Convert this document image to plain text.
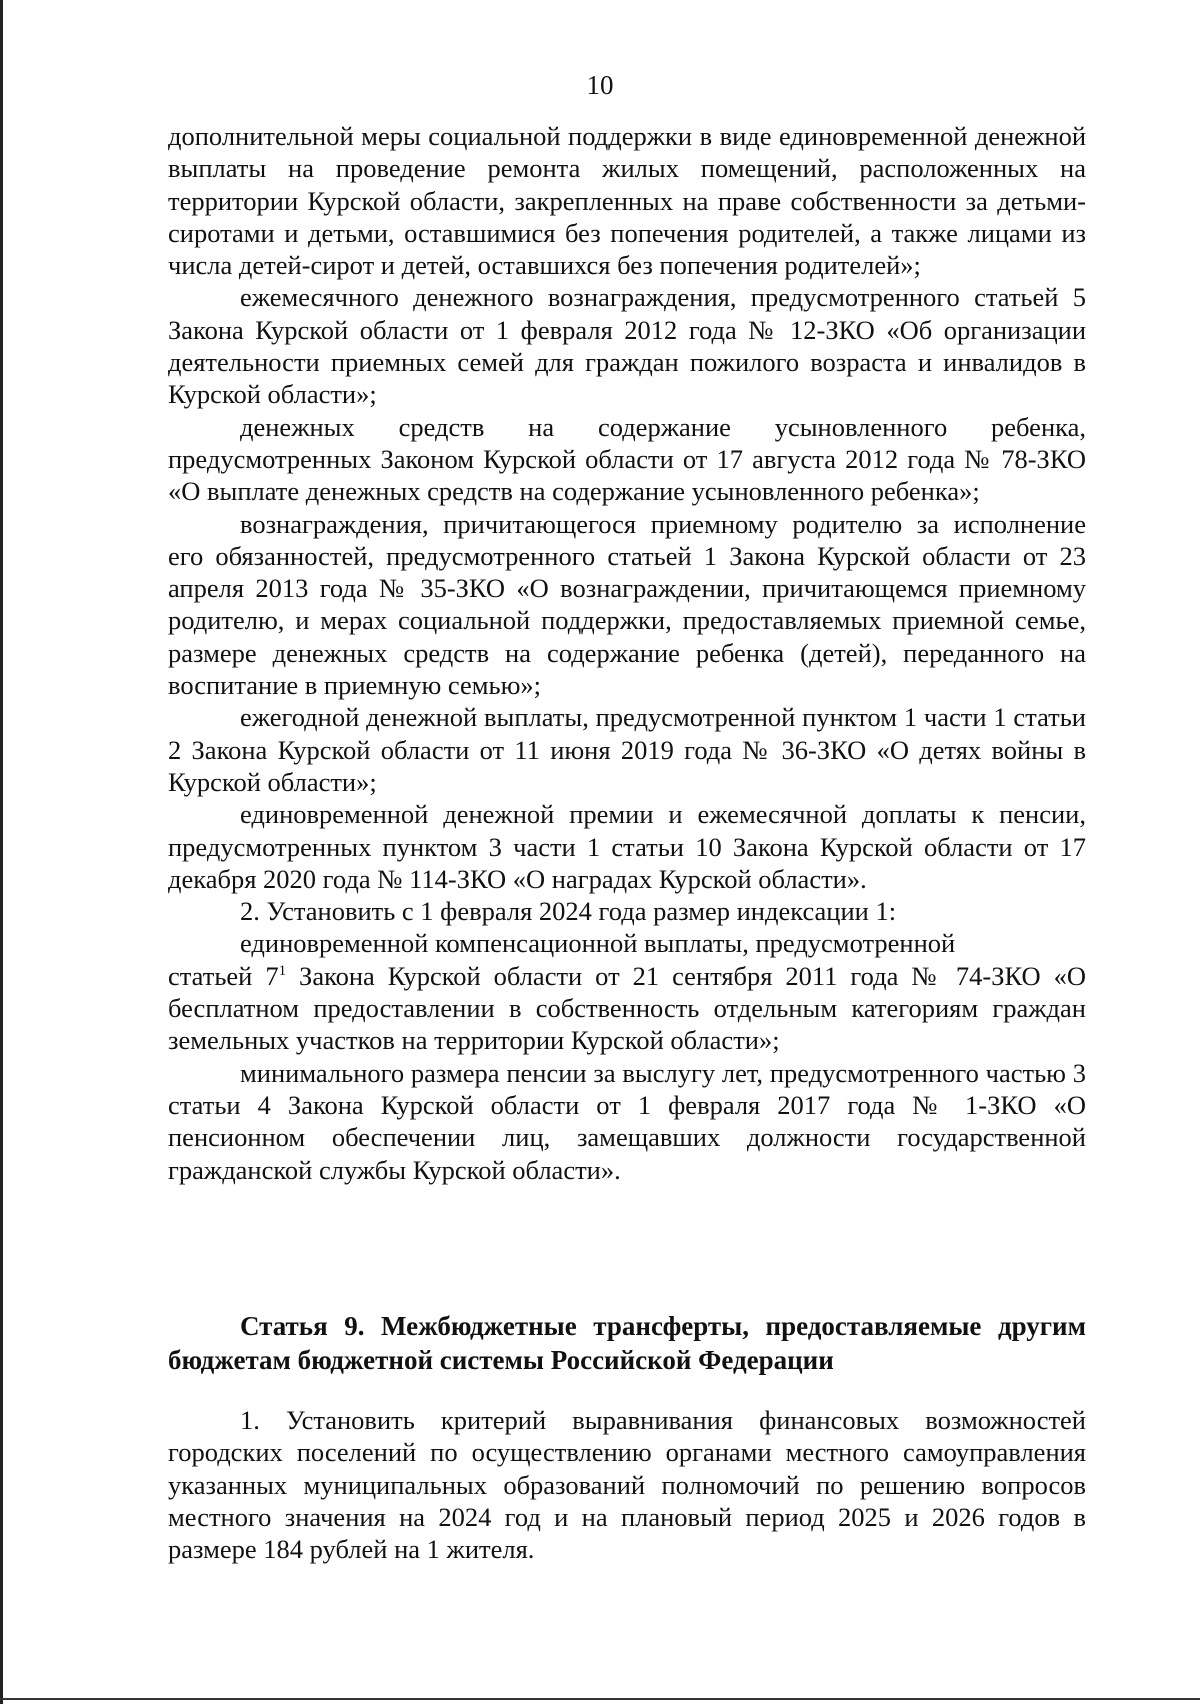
10

дополнительной меры социальной поддержки в виде единовременной денежной выплаты на проведение ремонта жилых помещений, расположенных на территории Курской области, закрепленных на праве собственности за детьми-сиротами и детьми, оставшимися без попечения родителей, а также лицами из числа детей-сирот и детей, оставшихся без попечения родителей»;

ежемесячного денежного вознаграждения, предусмотренного статьей 5 Закона Курской области от 1 февраля 2012 года № 12-ЗКО «Об организации деятельности приемных семей для граждан пожилого возраста и инвалидов в Курской области»;

денежных средств на содержание усыновленного ребенка, предусмотренных Законом Курской области от 17 августа 2012 года № 78-ЗКО «О выплате денежных средств на содержание усыновленного ребенка»;

вознаграждения, причитающегося приемному родителю за исполнение его обязанностей, предусмотренного статьей 1 Закона Курской области от 23 апреля 2013 года № 35-ЗКО «О вознаграждении, причитающемся приемному родителю, и мерах социальной поддержки, предоставляемых приемной семье, размере денежных средств на содержание ребенка (детей), переданного на воспитание в приемную семью»;

ежегодной денежной выплаты, предусмотренной пунктом 1 части 1 статьи 2 Закона Курской области от 11 июня 2019 года № 36-ЗКО «О детях войны в Курской области»;

единовременной денежной премии и ежемесячной доплаты к пенсии, предусмотренных пунктом 3 части 1 статьи 10 Закона Курской области от 17 декабря 2020 года № 114-ЗКО «О наградах Курской области».

2. Установить с 1 февраля 2024 года размер индексации 1:

единовременной компенсационной выплаты, предусмотренной

статьей $7^1$ Закона Курской области от 21 сентября 2011 года № 74-ЗКО «О бесплатном предоставлении в собственность отдельным категориям граждан земельных участков на территории Курской области»;

минимального размера пенсии за выслугу лет, предусмотренного частью 3 статьи 4 Закона Курской области от 1 февраля 2017 года № 1-ЗКО «О пенсионном обеспечении лиц, замещавших должности государственной гражданской службы Курской области».

Статья 9. Межбюджетные трансферты, предоставляемые другим бюджетам бюджетной системы Российской Федерации

1. Установить критерий выравнивания финансовых возможностей городских поселений по осуществлению органами местного самоуправления указанных муниципальных образований полномочий по решению вопросов местного значения на 2024 год и на плановый период 2025 и 2026 годов в размере 184 рублей на 1 жителя.
